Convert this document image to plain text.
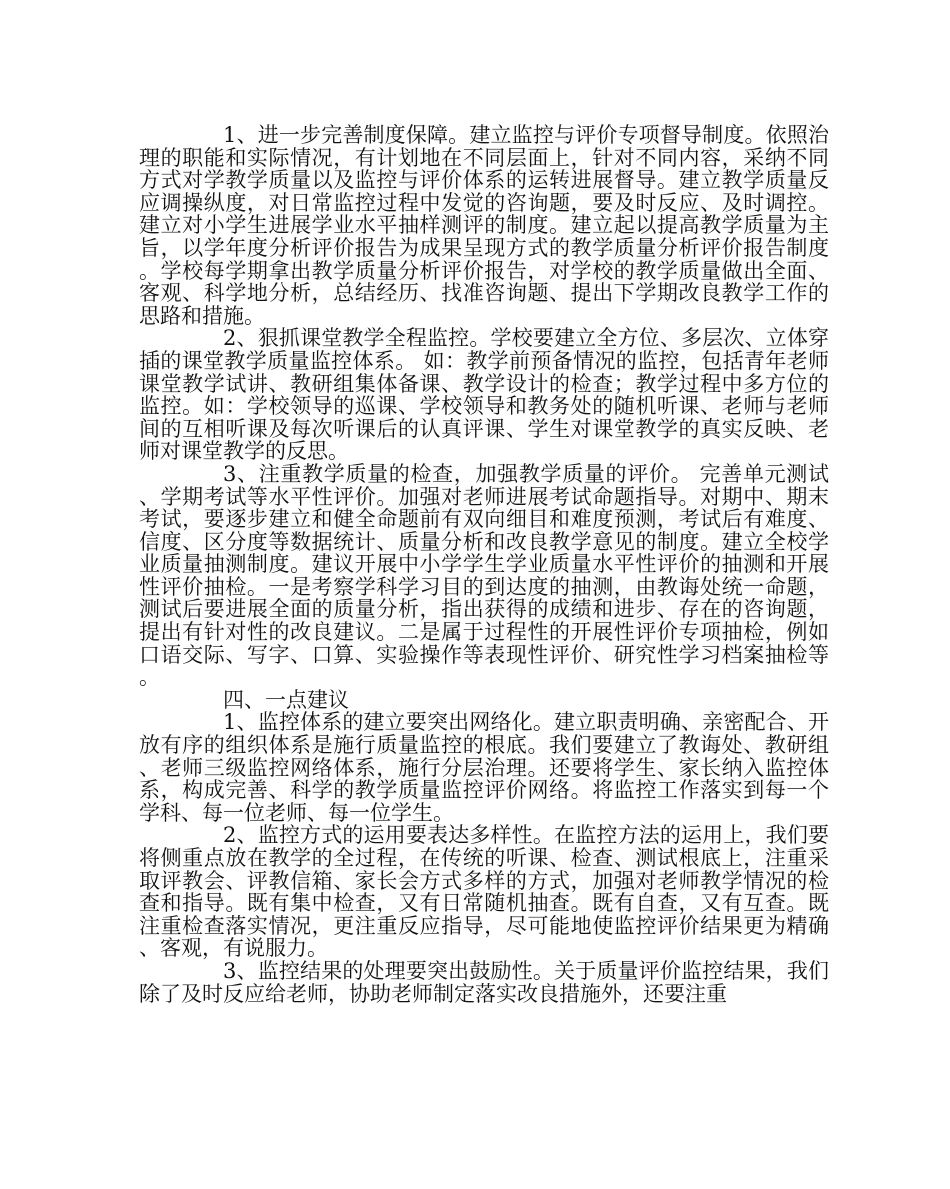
1、进一步完善制度保障。建立监控与评价专项督导制度。依照治理的职能和实际情况，有计划地在不同层面上，针对不同内容，采纳不同方式对学教学质量以及监控与评价体系的运转进展督导。建立教学质量反应调操纵度，对日常监控过程中发觉的咨询题，要及时反应、及时调控。建立对小学生进展学业水平抽样测评的制度。建立起以提高教学质量为主旨，以学年度分析评价报告为成果呈现方式的教学质量分析评价报告制度。学校每学期拿出教学质量分析评价报告，对学校的教学质量做出全面、客观、科学地分析，总结经历、找准咨询题、提出下学期改良教学工作的思路和措施。

2、狠抓课堂教学全程监控。学校要建立全方位、多层次、立体穿插的课堂教学质量监控体系。 如：教学前预备情况的监控，包括青年老师课堂教学试讲、教研组集体备课、教学设计的检查；教学过程中多方位的监控。如：学校领导的巡课、学校领导和教务处的随机听课、老师与老师间的互相听课及每次听课后的认真评课、学生对课堂教学的真实反映、老师对课堂教学的反思。

3、注重教学质量的检查，加强教学质量的评价。 完善单元测试、学期考试等水平性评价。加强对老师进展考试命题指导。对期中、期末考试，要逐步建立和健全命题前有双向细目和难度预测，考试后有难度、信度、区分度等数据统计、质量分析和改良教学意见的制度。建立全校学业质量抽测制度。建议开展中小学学生学业质量水平性评价的抽测和开展性评价抽检。一是考察学科学习目的到达度的抽测，由教诲处统一命题，测试后要进展全面的质量分析，指出获得的成绩和进步、存在的咨询题，提出有针对性的改良建议。二是属于过程性的开展性评价专项抽检，例如口语交际、写字、口算、实验操作等表现性评价、研究性学习档案抽检等。

四、一点建议

1、监控体系的建立要突出网络化。建立职责明确、亲密配合、开放有序的组织体系是施行质量监控的根底。我们要建立了教诲处、教研组、老师三级监控网络体系，施行分层治理。还要将学生、家长纳入监控体系，构成完善、科学的教学质量监控评价网络。将监控工作落实到每一个学科、每一位老师、每一位学生。

2、监控方式的运用要表达多样性。在监控方法的运用上，我们要将侧重点放在教学的全过程，在传统的听课、检查、测试根底上，注重采取评教会、评教信箱、家长会方式多样的方式，加强对老师教学情况的检查和指导。既有集中检查，又有日常随机抽查。既有自查，又有互查。既注重检查落实情况，更注重反应指导，尽可能地使监控评价结果更为精确、客观，有说服力。

3、监控结果的处理要突出鼓励性。关于质量评价监控结果，我们除了及时反应给老师，协助老师制定落实改良措施外，还要注重
